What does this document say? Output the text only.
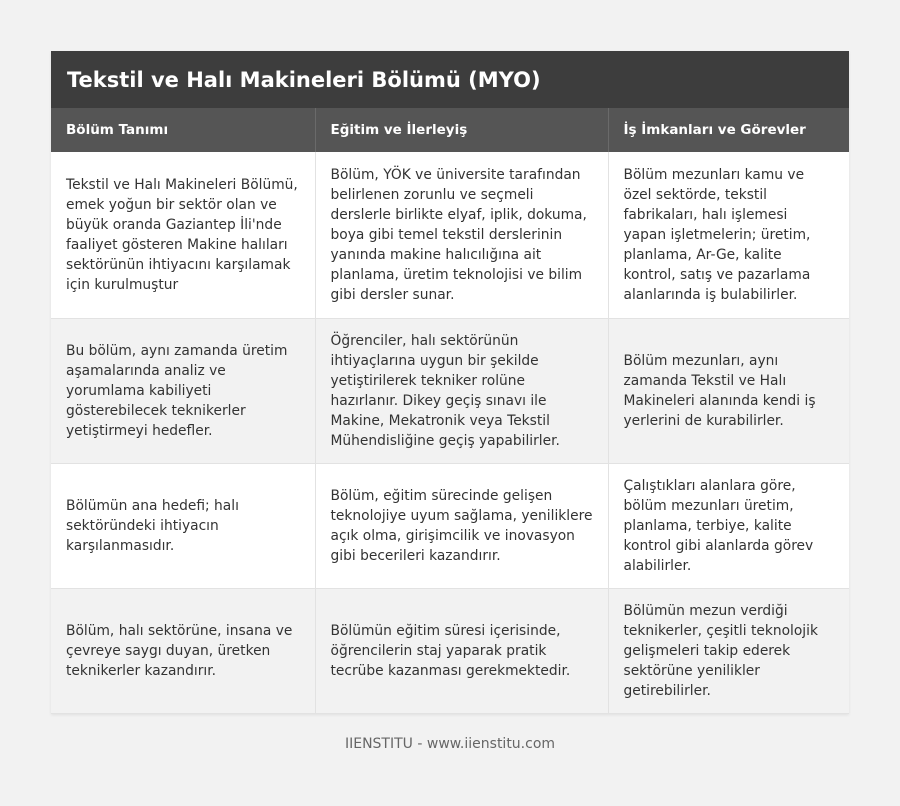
Tekstil ve Halı Makineleri Bölümü (MYO)
Bölüm Tanımı	Eğitim ve İlerleyiş	İş İmkanları ve Görevler
Tekstil ve Halı Makineleri Bölümü, emek yoğun bir sektör olan ve büyük oranda Gaziantep İli'nde faaliyet gösteren Makine halıları sektörünün ihtiyacını karşılamak için kurulmuştur	Bölüm, YÖK ve üniversite tarafından belirlenen zorunlu ve seçmeli derslerle birlikte elyaf, iplik, dokuma, boya gibi temel tekstil derslerinin yanında makine halıcılığına ait planlama, üretim teknolojisi ve bilim gibi dersler sunar.	Bölüm mezunları kamu ve özel sektörde, tekstil fabrikaları, halı işlemesi yapan işletmelerin; üretim, planlama, Ar-Ge, kalite kontrol, satış ve pazarlama alanlarında iş bulabilirler.
Bu bölüm, aynı zamanda üretim aşamalarında analiz ve yorumlama kabiliyeti gösterebilecek teknikerler yetiştirmeyi hedefler.	Öğrenciler, halı sektörünün ihtiyaçlarına uygun bir şekilde yetiştirilerek tekniker rolüne hazırlanır. Dikey geçiş sınavı ile Makine, Mekatronik veya Tekstil Mühendisliğine geçiş yapabilirler.	Bölüm mezunları, aynı zamanda Tekstil ve Halı Makineleri alanında kendi iş yerlerini de kurabilirler.
Bölümün ana hedefi; halı sektöründeki ihtiyacın karşılanmasıdır.	Bölüm, eğitim sürecinde gelişen teknolojiye uyum sağlama, yeniliklere açık olma, girişimcilik ve inovasyon gibi becerileri kazandırır.	Çalıştıkları alanlara göre, bölüm mezunları üretim, planlama, terbiye, kalite kontrol gibi alanlarda görev alabilirler.
Bölüm, halı sektörüne, insana ve çevreye saygı duyan, üretken teknikerler kazandırır.	Bölümün eğitim süresi içerisinde, öğrencilerin staj yaparak pratik tecrübe kazanması gerekmektedir.	Bölümün mezun verdiği teknikerler, çeşitli teknolojik gelişmeleri takip ederek sektörüne yenilikler getirebilirler.
IIENSTITU - www.iienstitu.com
